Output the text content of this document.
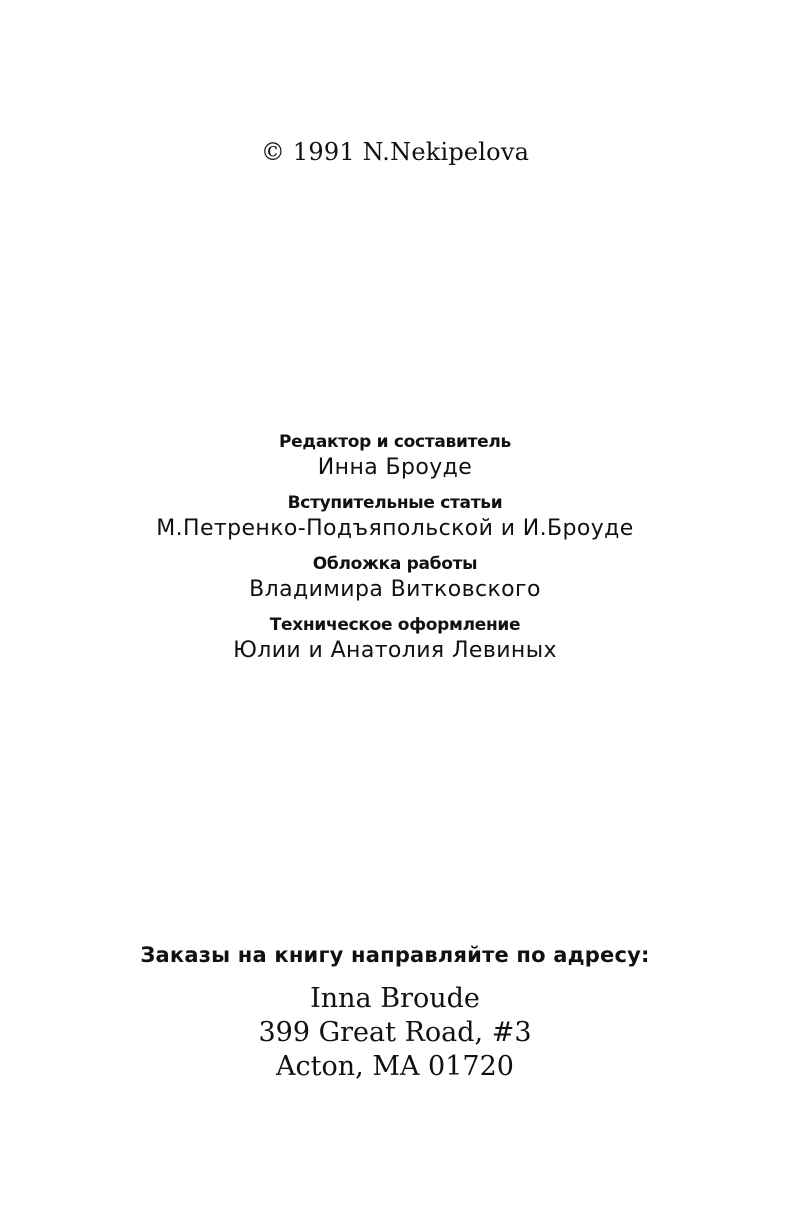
© 1991 N.Nekipelova
Редактор и составитель
Инна Броуде
Вступительные статьи
М.Петренко-Подъяпольской и И.Броуде
Обложка работы
Владимира Витковского
Техническое оформление
Юлии и Анатолия Левиных
Заказы на книгу направляйте по адресу:
Inna Broude
399 Great Road, #3
Acton, MA 01720
